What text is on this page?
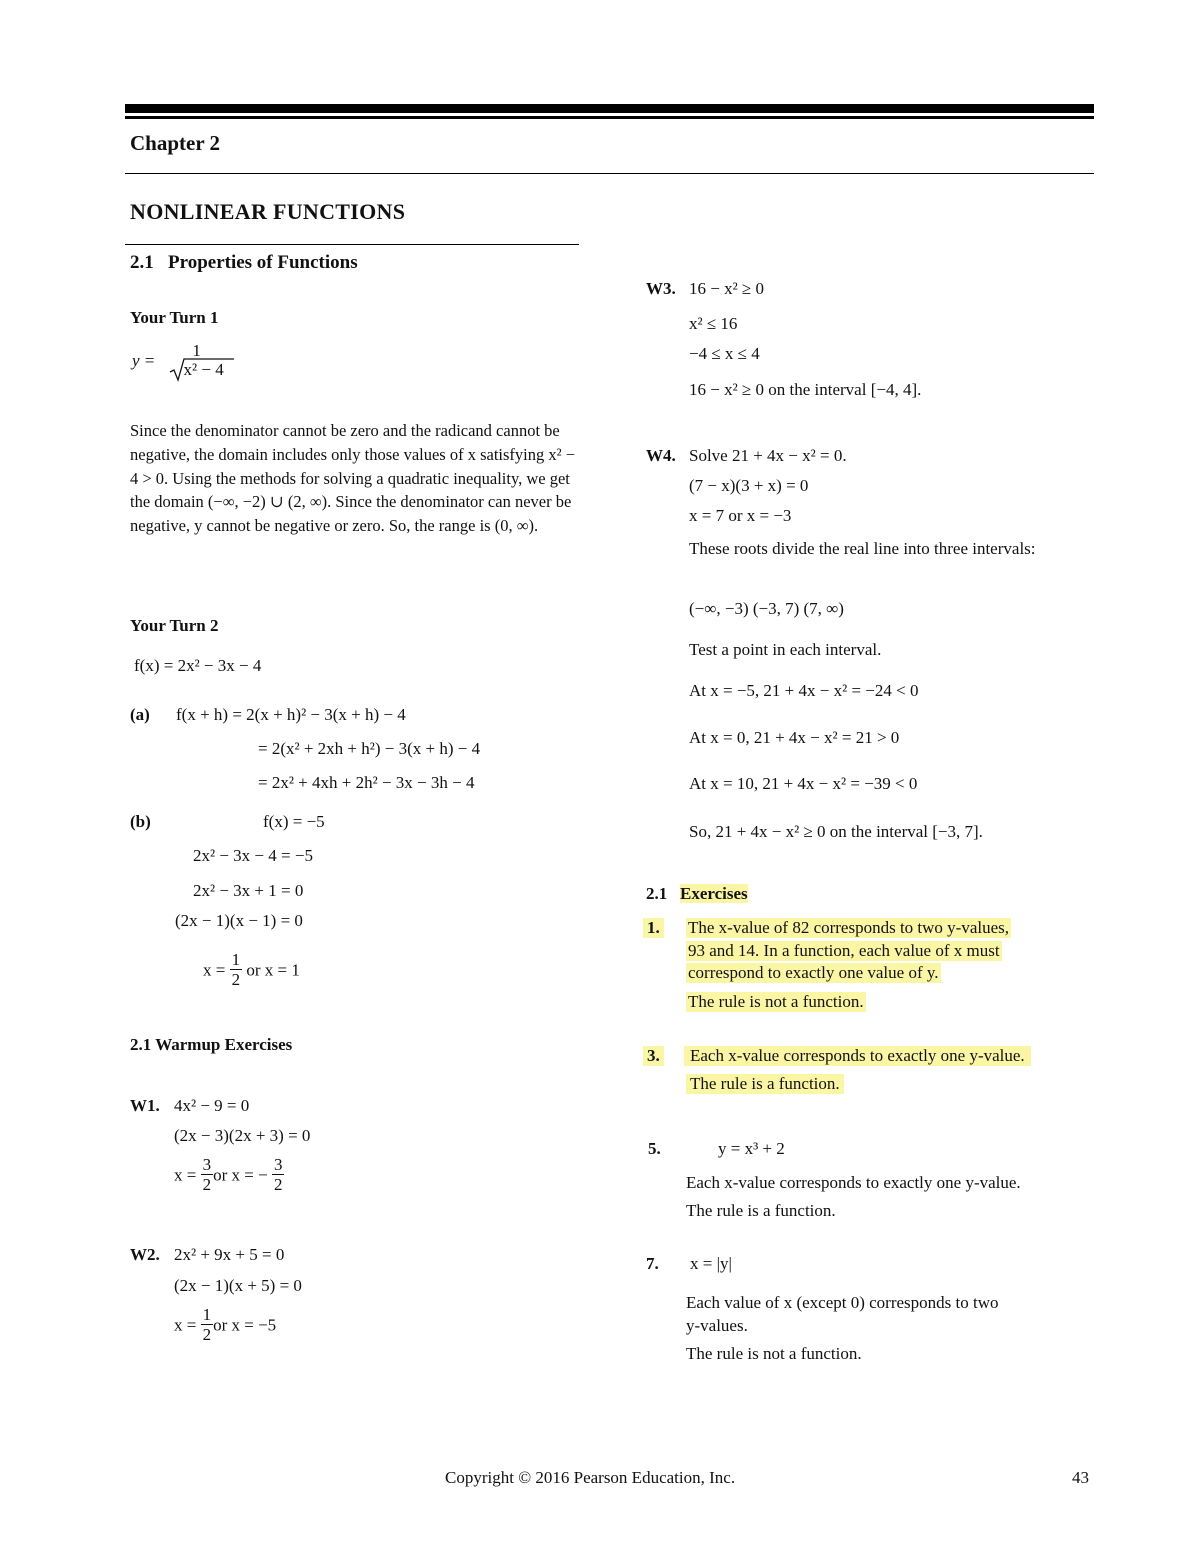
Chapter 2
NONLINEAR FUNCTIONS
2.1 Properties of Functions
Your Turn 1
y =
1
x² − 4
Since the denominator cannot be zero and the radicand cannot be negative, the domain includes only those values of x satisfying x² − 4 > 0. Using the methods for solving a quadratic inequality, we get the domain (−∞, −2) ∪ (2, ∞). Since the denominator can never be negative, y cannot be negative or zero. So, the range is (0, ∞).
Your Turn 2
f(x) = 2x² − 3x − 4
(a) f(x + h) = 2(x + h)² − 3(x + h) − 4
= 2(x² + 2xh + h²) − 3(x + h) − 4
= 2x² + 4xh + 2h² − 3x − 3h − 4
(b)	f(x) = −5
2x² − 3x − 4 = −5
2x² − 3x + 1 = 0
(2x − 1)(x − 1) = 0
$x = \frac{1}{2}$ or x = 1
2.1 Warmup Exercises
W1. 4x² − 9 = 0
(2x − 3)(2x + 3) = 0
$x = \frac{3}{2}$ or x = − $\frac{3}{2}$
W2. 2x² + 9x + 5 = 0
(2x − 1)(x + 5) = 0
$x = \frac{1}{2}$ or x = −5
W3. 16 − x² ≥ 0
x² ≤ 16
−4 ≤ x ≤ 4
16 − x² ≥ 0 on the interval [−4, 4].
W4. Solve 21 + 4x − x² = 0.
(7 − x)(3 + x) = 0
x = 7 or x = −3
These roots divide the real line into three intervals:
(−∞, −3) (−3, 7) (7, ∞)
Test a point in each interval.
At x = −5, 21 + 4x − x² = −24 < 0
At x = 0, 21 + 4x − x² = 21 > 0
At x = 10, 21 + 4x − x² = −39 < 0
So, 21 + 4x − x² ≥ 0 on the interval [−3, 7].
2.1 Exercises
1. The x-value of 82 corresponds to two y-values,
93 and 14. In a function, each value of x must
correspond to exactly one value of y.
The rule is not a function.
3.	Each x-value corresponds to exactly one y-value.
The rule is a function.
5.	y = x³ + 2
Each x-value corresponds to exactly one y-value.
The rule is a function.
7. x = |y|
Each value of x (except 0) corresponds to two
y-values.
The rule is not a function.
Copyright © 2016 Pearson Education, Inc.	43
